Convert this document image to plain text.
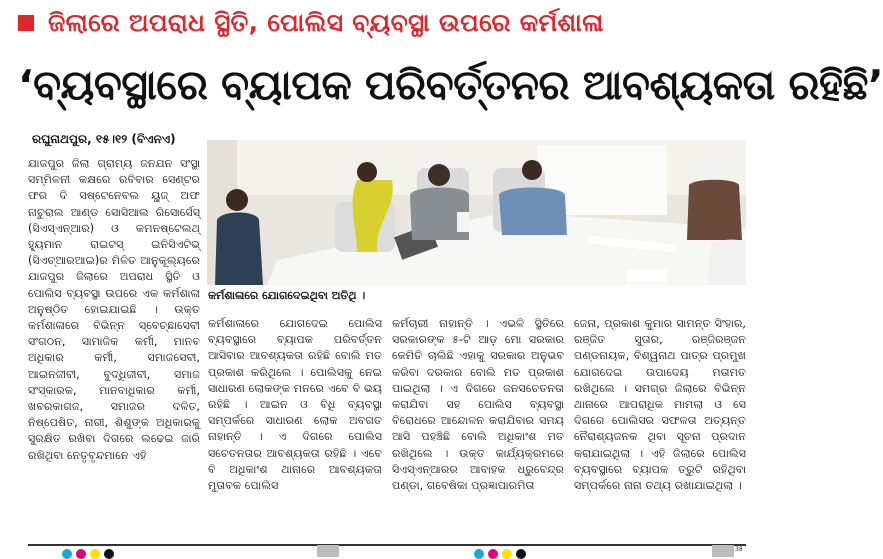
ଜିଲାରେ ଅପରାଧ ସ୍ଥିତି, ପୋଲିସ ବ୍ୟବସ୍ଥା ଉପରେ କର୍ମଶାଳା
‘ବ୍ୟବସ୍ଥାରେ ବ୍ୟାପକ ପରିବର୍ତ୍ତନର ଆବଶ୍ୟକତା ରହିଛି’
ରଘୁନାଥପୁର, ୧୫।୧୨ (ବିଏନଏ)
କର୍ମଶାଳାରେ ଯୋଗଦେଇଥିବା ଅତିଥି ।

ଯାଜପୁର ଜିଲା ଗ୍ରାମ୍ୟ ଜନଯନ ସଂସ୍ଥା ସମ୍ମିଳନୀ କକ୍ଷରେ ରବିବାର ସେଣ୍ଟର ଫର ଦି ସଷ୍ଟେନେବଲ ୟୁଜ୍ ଅଫ ନାଚୁରାଲ ଆଣ୍ଡ ସୋସିଆଲ ରିସୋର୍ସେସ୍ (ସିଏସ୍ଏନ୍ଆର) ଓ କମନଷ୍ଟେଲଥ୍ ହ୍ୟୁମାନ ରାଇଟସ୍ ଇନିସିଏଟିଭ୍ (ସିଏଚ୍ଆରଆଇ)ର ମିଳିତ ଆନୁକୂଲ୍ୟରେ ଯାଜପୁର ଜିଲାରେ ଅପରାଧ ସ୍ଥିତି ଓ ପୋଲିସ ବ୍ୟବସ୍ଥା ଉପରେ ଏକ କର୍ମଶାଳା ଅନୁଷ୍ଠିତ ହୋଇଯାଇଛି । ଉକ୍ତ କର୍ମଶାଳାରେ ବିଭିନ୍ନ ସ୍ବେଚ୍ଛାସେବୀ ସଂଗଠନ, ସାମାଜିକ କର୍ମୀ, ମାନବ ଅଧିକାର କର୍ମୀ, ସମାଜସେବୀ, ଆଇନଜୀବୀ, ବୁଦ୍ଧିଜୀବୀ, ସମାଜ ସଂସ୍କାରକ, ମାନବାଧିକାର କର୍ମୀ, ଖବରକାଗଜ, ସମାଜର ଦଳିତ, ନିଷ୍ପେଷିତ, ନାରୀ, ଶିଶୁଙ୍କ ଅଧିକାରକୁ ସୁରକ୍ଷିତ ରଖିବା ଦିଗରେ ଲଢେଇ ଜାରି ରଖିଥିବା ନେତୃବୃନ୍ଦମାନେ ଏହି

କର୍ମଶାଳାରେ ଯୋଗଦେଇ ପୋଲିସ ବ୍ୟବସ୍ଥାରେ ବ୍ୟାପକ ପରିବର୍ତ୍ତନ ଆସିବାର ଆବଶ୍ୟକତା ରହିଛି ବୋଲି ମତ ପ୍ରକାଶ କରିଥିଲେ । ପୋଲିସକୁ ନେଇ ସାଧାରଣ ଲୋକଙ୍କ ମନରେ ଏବେ ବି ଭୟ ରହିଛି । ଆଇନ ଓ ବିଧି ବ୍ୟବସ୍ଥା ସମ୍ପର୍କରେ ସାଧାରଣ ଲୋକ ଅବଗତ ନାହାନ୍ତି । ଏ ଦିଗରେ ପୋଲିସ ସଚେତନତାର ଆବଶ୍ୟକତା ରହିଛି । ଏବେ ବି ଅଧିକାଂଶ ଥାନାରେ ଆବଶ୍ୟକତା ମୁତାବକ ପୋଲିସ

କର୍ମଚାରୀ ନାହାନ୍ତି । ଏଭଳି ସ୍ଥିତିରେ ସରକାରଙ୍କ ୫-ଟି ଆଡ଼ ମୋ ସରକାର କେମିତି ଚାଲିଛି ଏହାକୁ ସରକାର ଅନୁଭବ କରିବା ଦରକାର ବୋଲି ମତ ପ୍ରକାଶ ପାଇଥିଲା । ଏ ଦିଗରେ ଜନସଚେତନତା କରାଯିବା ସହ ପୋଲିସ ବ୍ୟବସ୍ଥା ବିରୋଧରେ ଆନ୍ଦୋଳନ କରାଯିବାର ସମୟ ଆସି ପହଞ୍ଚିଛି ବୋଲି ଅଧିକାଂଶ ମତ ରଖିଥିଲେ । ଉକ୍ତ କାର୍ଯ୍ୟକ୍ରମରେ ସିଏସ୍ଏନ୍ଆରର ଆବାହକ ଧ୍ରୁବେନ୍ଦ୍ର ପଣ୍ଡା, ଗବେଷିକା ପ୍ରଜ୍ଞାପାରମିତା

ଜେନା, ପ୍ରକାଶ କୁମାର ସାମନ୍ତ ସିଂହାର, ରଞ୍ଜିତ ସୁତାର, ରଞ୍ଜିରଞ୍ଜନ ପଣ୍ଡନାୟକ, ବିଶ୍ୱନାଥ ପାତ୍ର ପ୍ରମୁଖ ଯୋଗଦେଇ ଉପାଦେୟ ମତାମତ ରଖିଥିଲେ । ସମଗ୍ର ଜିଲାରେ ବିଭିନ୍ନ ଥାନାରେ ଆପରାଧିକ ମାମଲା ଓ ସେ ଦିଗରେ ପୋଲିସର ସଫଳତା ଅତ୍ୟନ୍ତ ନୈରାଶ୍ୟଜନକ ଥିବା ସୂଚନା ପ୍ରଦାନ କରାଯାଇଥିଲା । ଏହି ଜିଲାରେ ପୋଲିସ ବ୍ୟବସ୍ଥାରେ ବ୍ୟାପକ ତ୍ରୁଟି ରହିଥିବା ସମ୍ପର୍କରେ ନାନା ତଥ୍ୟ ରଖାଯାଇଥିଲା ।

38
